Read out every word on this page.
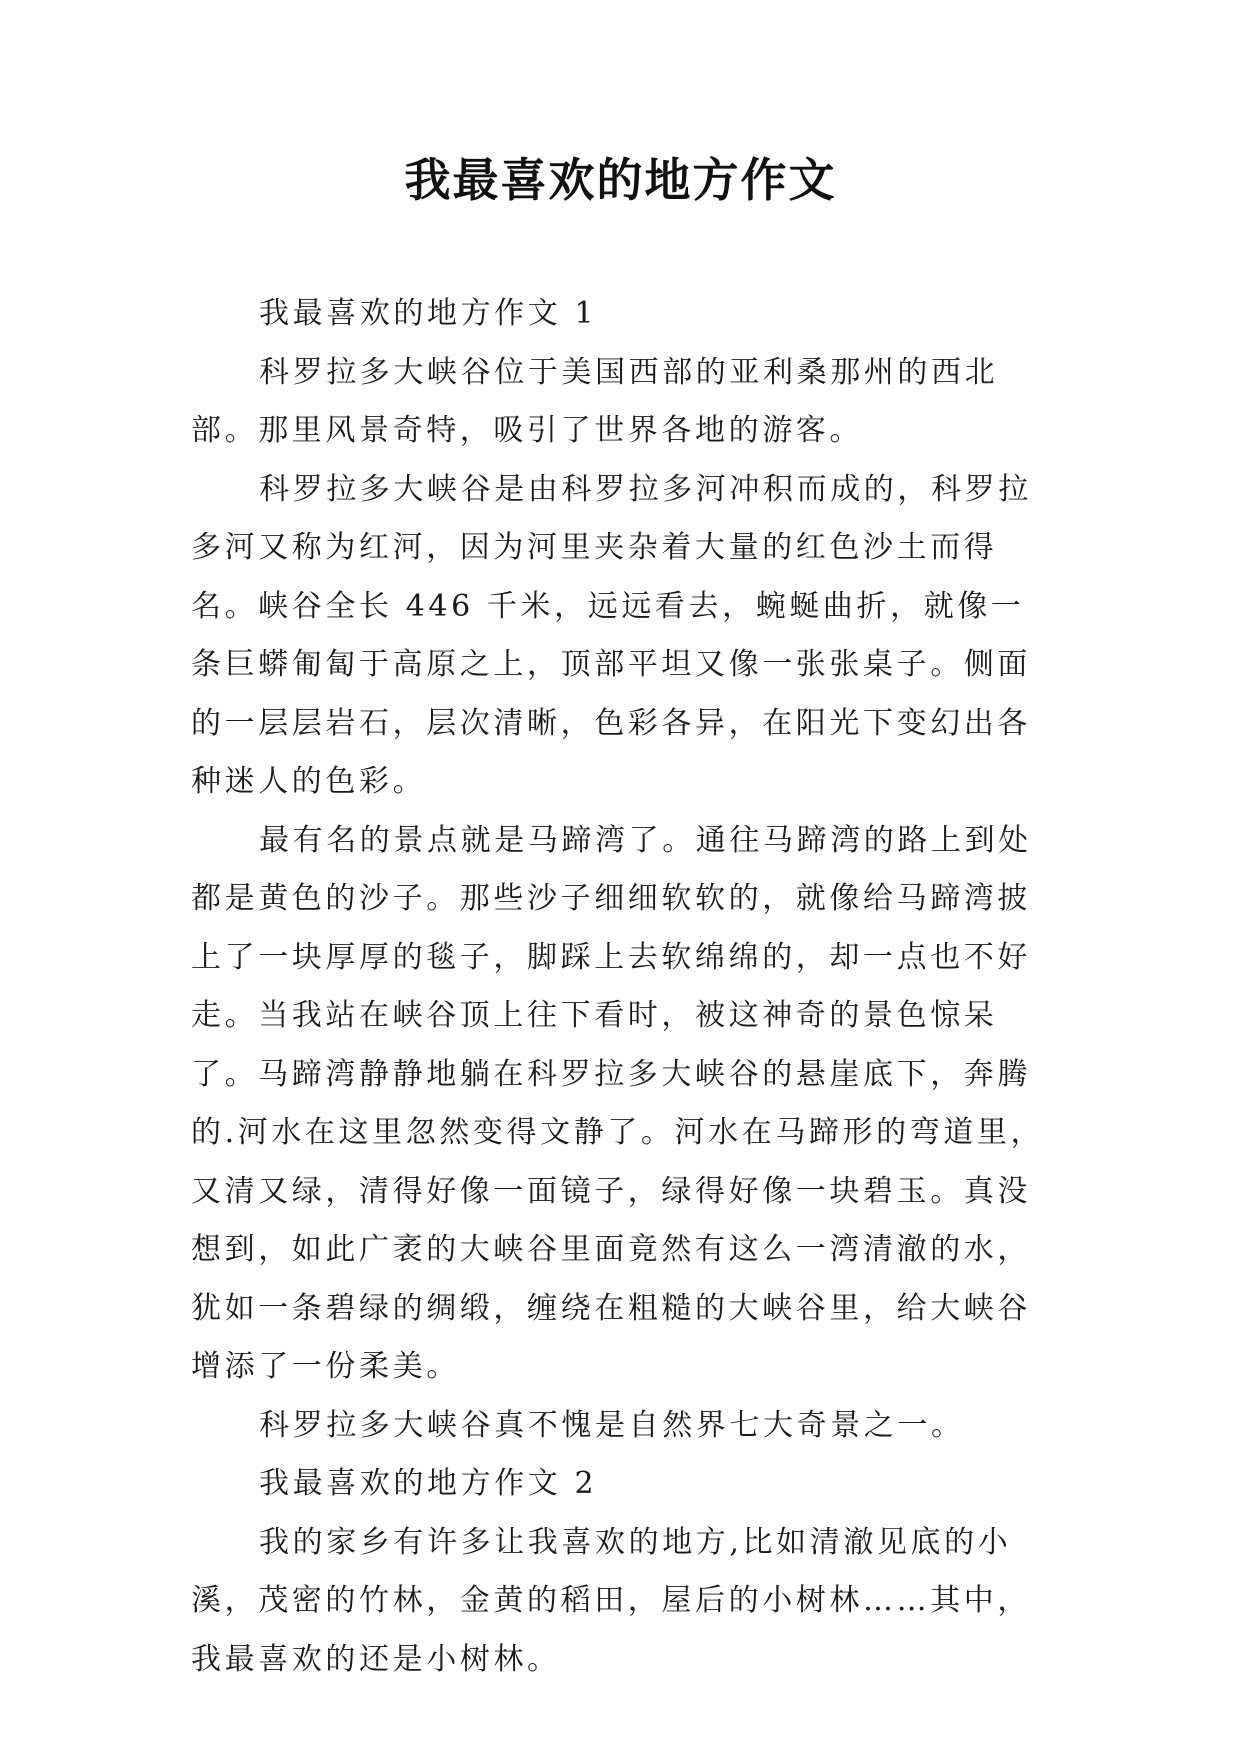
我最喜欢的地方作文

我最喜欢的地方作文 1

科罗拉多大峡谷位于美国西部的亚利桑那州的西北部。那里风景奇特，吸引了世界各地的游客。

科罗拉多大峡谷是由科罗拉多河冲积而成的，科罗拉多河又称为红河，因为河里夹杂着大量的红色沙土而得名。峡谷全长 446 千米，远远看去，蜿蜒曲折，就像一条巨蟒匍匐于高原之上，顶部平坦又像一张张桌子。侧面的一层层岩石，层次清晰，色彩各异，在阳光下变幻出各种迷人的色彩。

最有名的景点就是马蹄湾了。通往马蹄湾的路上到处都是黄色的沙子。那些沙子细细软软的，就像给马蹄湾披上了一块厚厚的毯子，脚踩上去软绵绵的，却一点也不好走。当我站在峡谷顶上往下看时，被这神奇的景色惊呆了。马蹄湾静静地躺在科罗拉多大峡谷的悬崖底下，奔腾的.河水在这里忽然变得文静了。河水在马蹄形的弯道里，又清又绿，清得好像一面镜子，绿得好像一块碧玉。真没想到，如此广袤的大峡谷里面竟然有这么一湾清澈的水，犹如一条碧绿的绸缎，缠绕在粗糙的大峡谷里，给大峡谷增添了一份柔美。

科罗拉多大峡谷真不愧是自然界七大奇景之一。

我最喜欢的地方作文 2

我的家乡有许多让我喜欢的地方,比如清澈见底的小溪，茂密的竹林，金黄的稻田，屋后的小树林……其中，我最喜欢的还是小树林。
